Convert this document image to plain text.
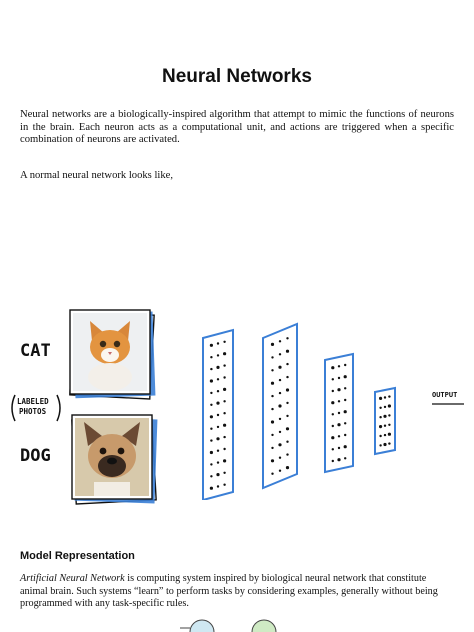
Neural Networks
Neural networks are a biologically-inspired algorithm that attempt to mimic the functions of neurons in the brain. Each neuron acts as a computational unit, and actions are triggered when a specific combination of neurons are activated.
A normal neural network looks like,
CAT
DOG
LABELED
PHOTOS
OUTPUT
Model Representation
Artificial Neural Network is computing system inspired by biological neural network that constitute animal brain. Such systems “learn” to perform tasks by considering examples, generally without being programmed with any task-specific rules.
